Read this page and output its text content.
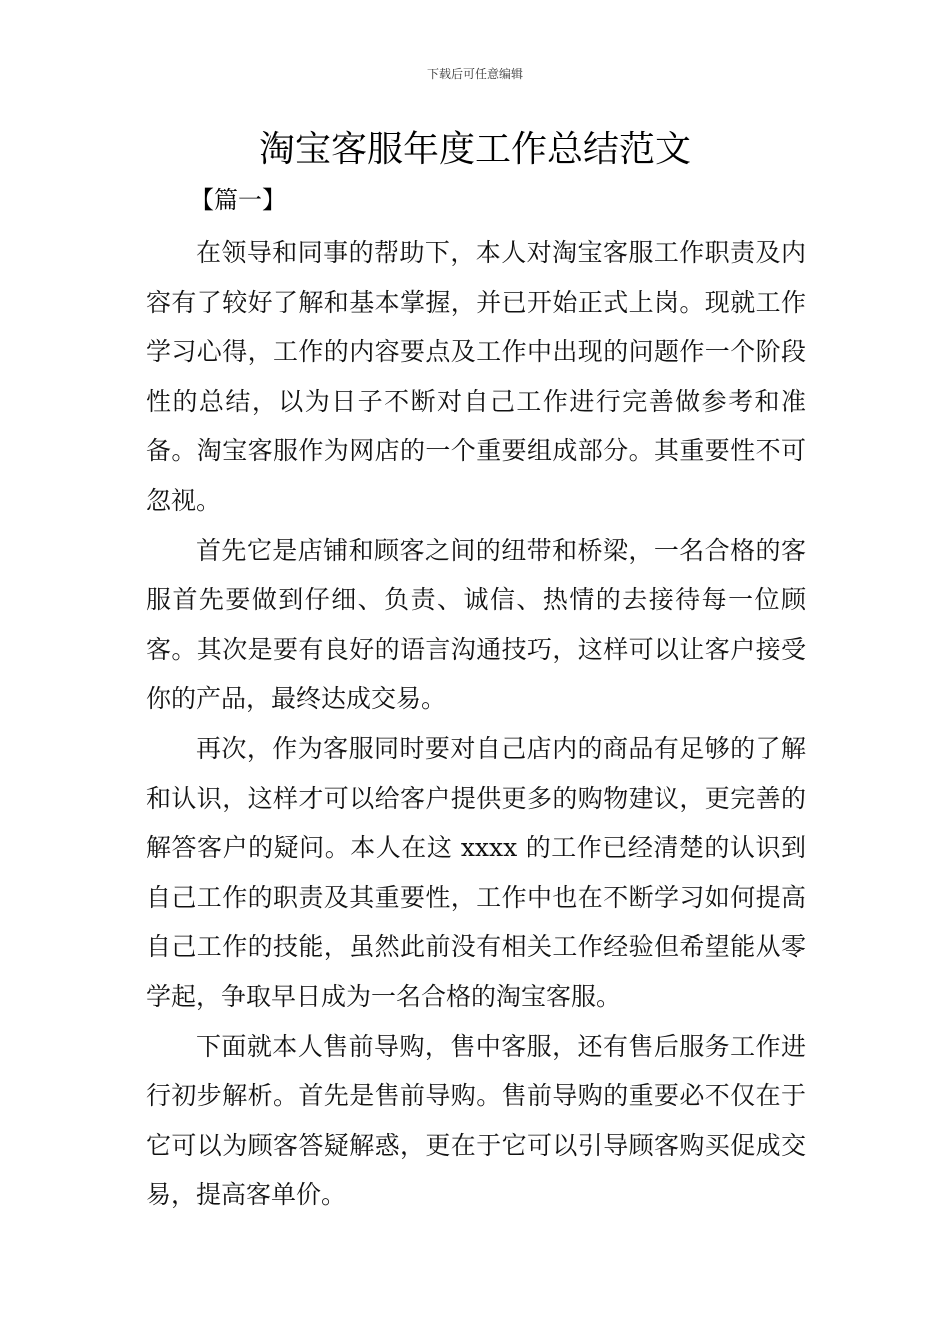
下载后可任意编辑
淘宝客服年度工作总结范文
【篇一】

在领导和同事的帮助下，本人对淘宝客服工作职责及内容有了较好了解和基本掌握，并已开始正式上岗。现就工作学习心得，工作的内容要点及工作中出现的问题作一个阶段性的总结，以为日子不断对自己工作进行完善做参考和准备。淘宝客服作为网店的一个重要组成部分。其重要性不可忽视。

首先它是店铺和顾客之间的纽带和桥梁，一名合格的客服首先要做到仔细、负责、诚信、热情的去接待每一位顾客。其次是要有良好的语言沟通技巧，这样可以让客户接受你的产品，最终达成交易。

再次，作为客服同时要对自己店内的商品有足够的了解和认识，这样才可以给客户提供更多的购物建议，更完善的解答客户的疑问。本人在这 xxxx 的工作已经清楚的认识到自己工作的职责及其重要性，工作中也在不断学习如何提高自己工作的技能，虽然此前没有相关工作经验但希望能从零学起，争取早日成为一名合格的淘宝客服。

下面就本人售前导购，售中客服，还有售后服务工作进行初步解析。首先是售前导购。售前导购的重要必不仅在于它可以为顾客答疑解惑，更在于它可以引导顾客购买促成交易，提高客单价。
